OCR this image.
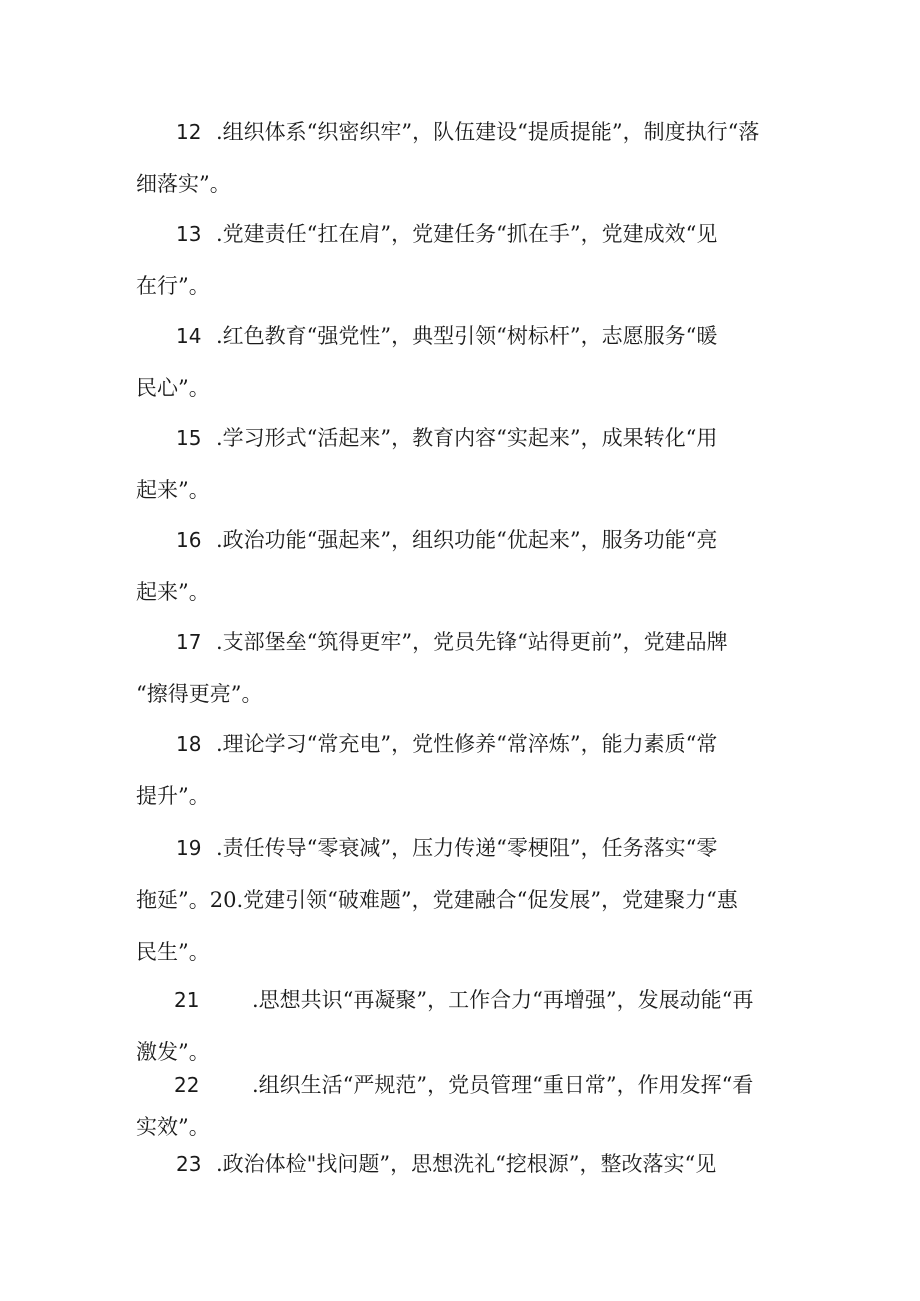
12 .组织体系“织密织牢”，队伍建设“提质提能”，制度执行“落
细落实”。
13 .党建责任“扛在肩”，党建任务“抓在手”，党建成效“见
在行”。
14 .红色教育“强党性”，典型引领“树标杆”，志愿服务“暖
民心”。
15 .学习形式“活起来”，教育内容“实起来”，成果转化“用
起来”。
16 .政治功能“强起来”，组织功能“优起来”，服务功能“亮
起来”。
17 .支部堡垒“筑得更牢”，党员先锋“站得更前”，党建品牌
“擦得更亮”。
18 .理论学习“常充电”，党性修养“常淬炼”，能力素质“常
提升”。
19 .责任传导“零衰减”，压力传递“零梗阻”，任务落实“零
拖延”。20.党建引领“破难题”，党建融合“促发展”，党建聚力“惠
民生”。
21	.思想共识“再凝聚”，工作合力“再增强”，发展动能“再
激发”。
22	.组织生活“严规范”，党员管理“重日常”，作用发挥“看
实效”。
23 .政治体检"找问题”，思想洗礼“挖根源”，整改落实“见
